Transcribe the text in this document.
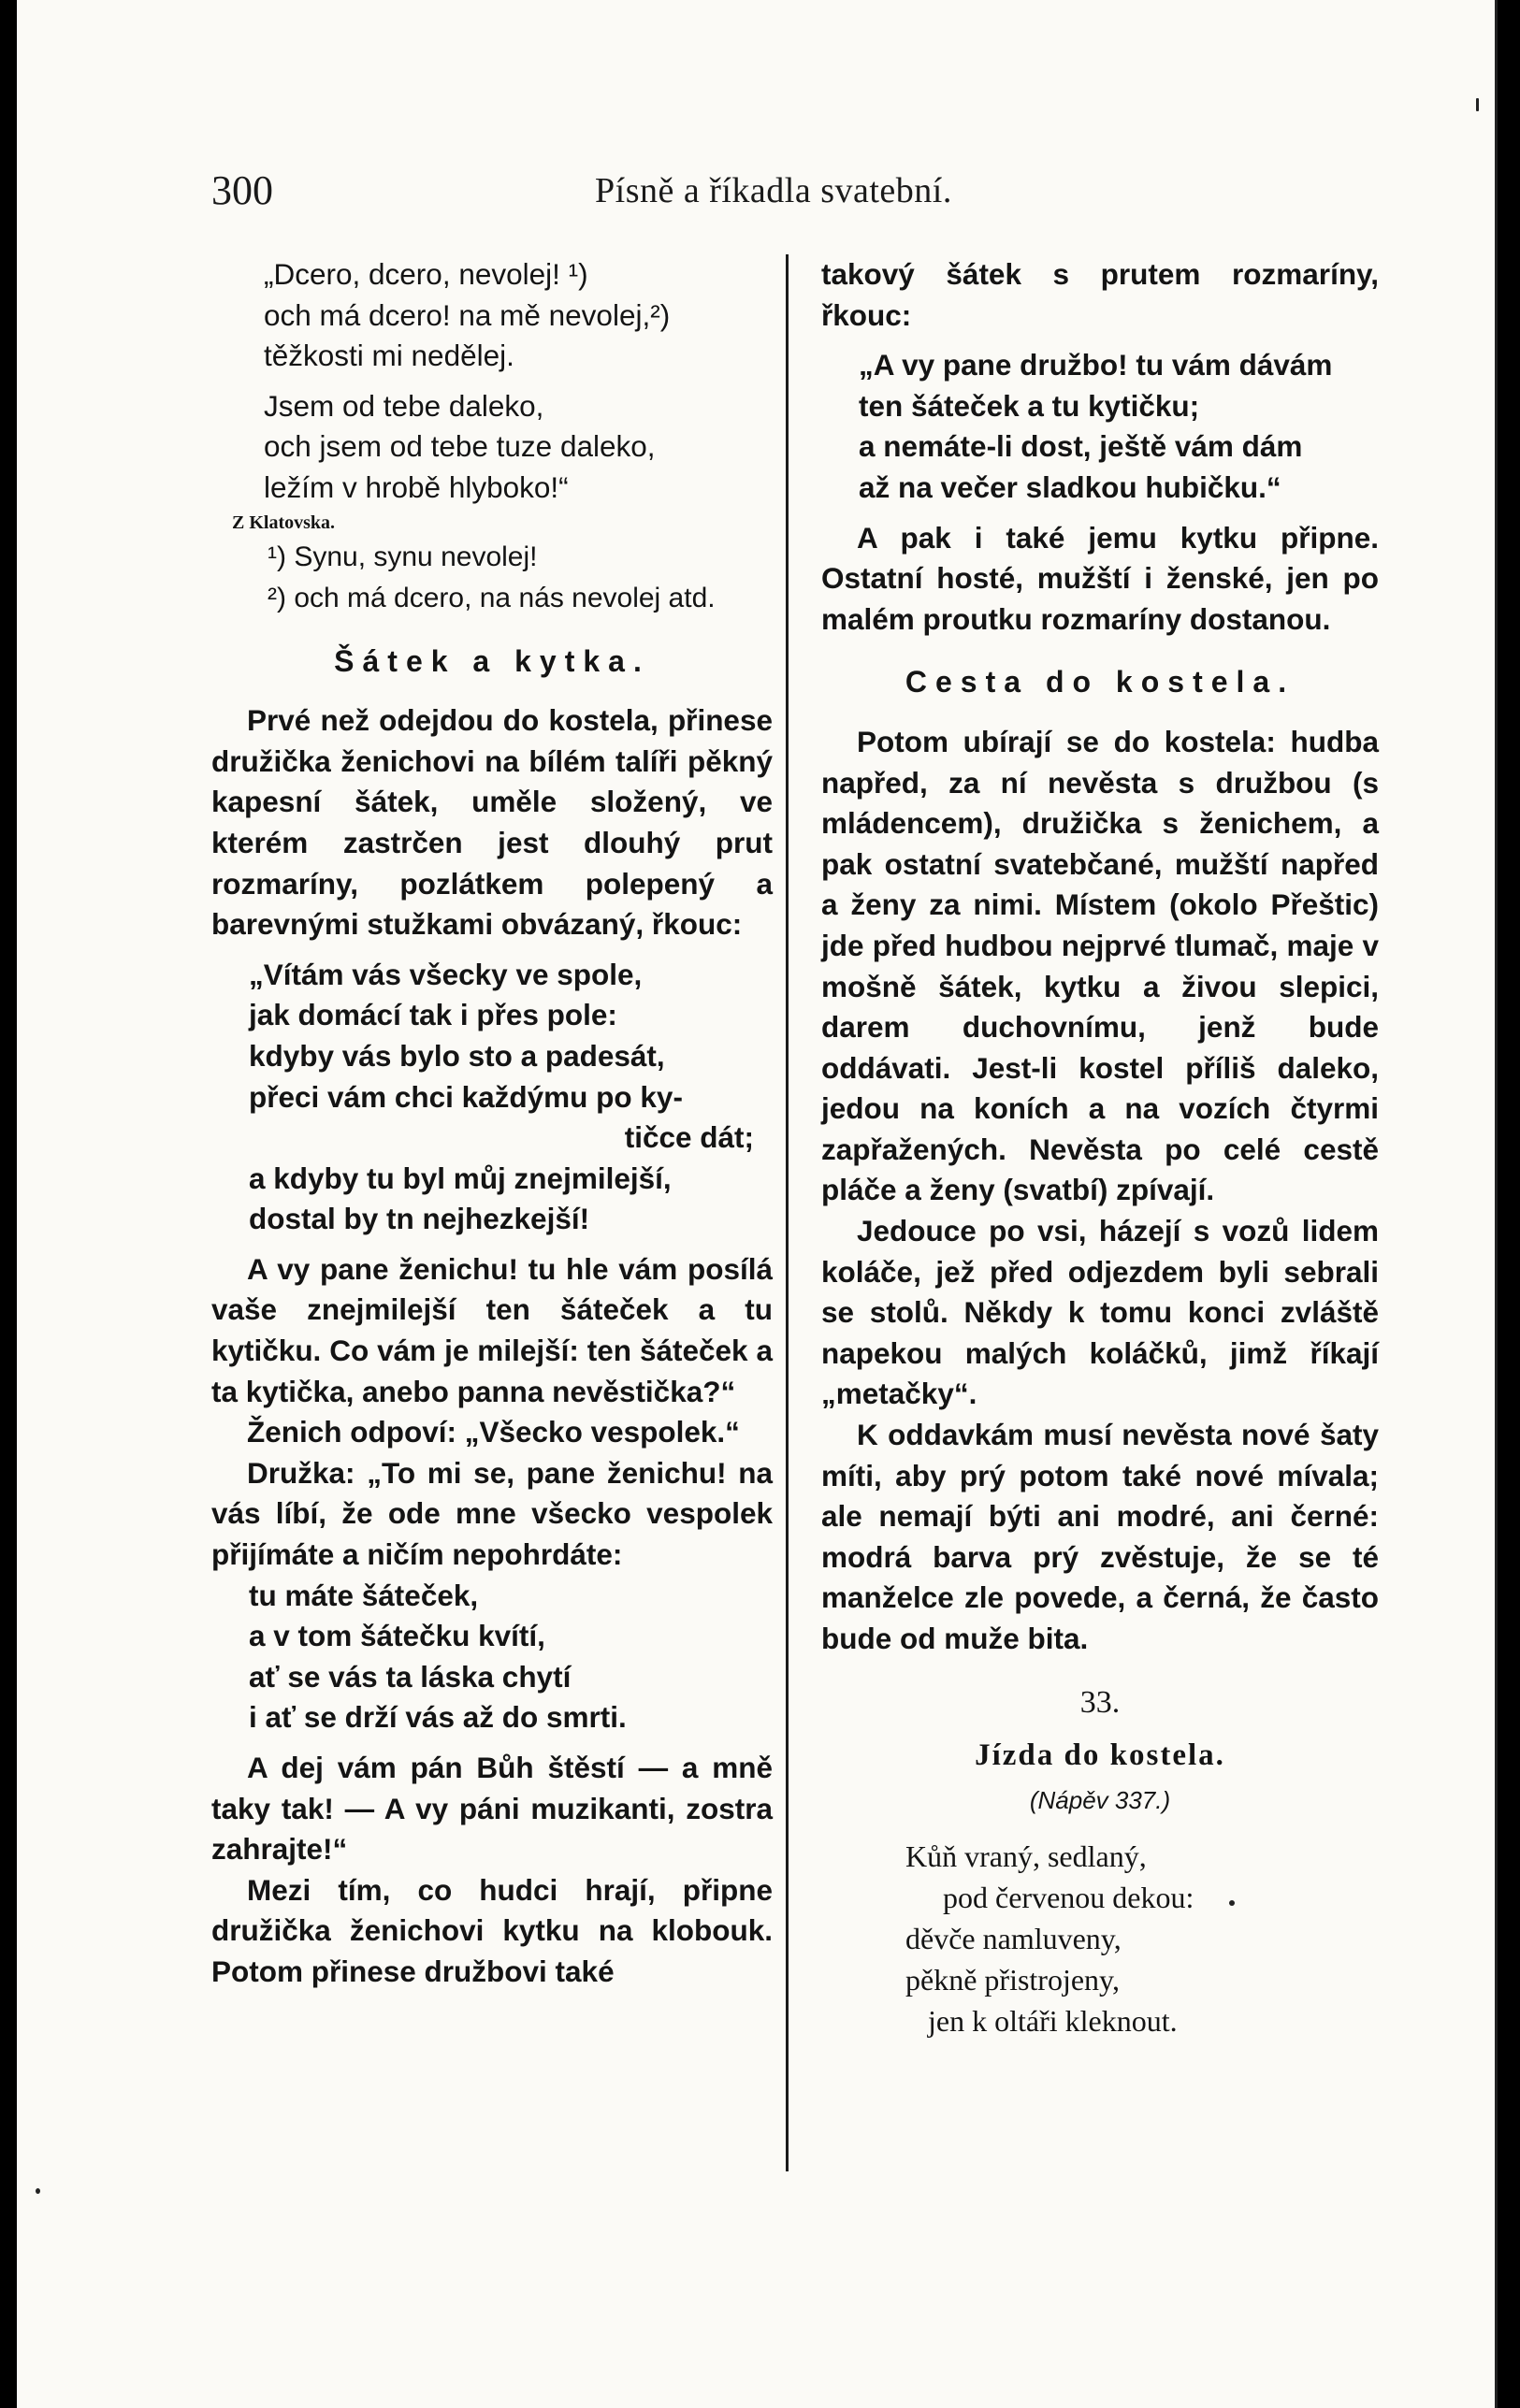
300	Písně a říkadla svatební.
„Dcero, dcero, nevolej! ¹)
och má dcero! na mě nevolej,²)
těžkosti mi nedělej.
Jsem od tebe daleko,
och jsem od tebe tuze daleko,
ležím v hrobě hlyboko!“

Z Klatovska.

¹) Synu, synu nevolej!

²) och má dcero, na nás nevolej atd.

Šátek a kytka.

Prvé než odejdou do kostela, přinese družička ženichovi na bílém talíři pěkný kapesní šátek, uměle složený, ve kterém zastrčen jest dlouhý prut rozmaríny, pozlátkem polepený a barevnými stužkami obvázaný, řkouc:

„Vítám vás všecky ve spole,
jak domácí tak i přes pole:
kdyby vás bylo sto a padesát,
přeci vám chci každýmu po ky-
tičce dát;
a kdyby tu byl můj znejmilejší,
dostal by tn nejhezkejší!

A vy pane ženichu! tu hle vám posílá vaše znejmilejší ten šáteček a tu kytičku. Co vám je milejší: ten šáteček a ta kytička, anebo panna nevěstička?“

Ženich odpoví: „Všecko vespolek.“

Družka: „To mi se, pane ženichu! na vás líbí, že ode mne všecko vespolek přijímáte a ničím nepohrdáte:

tu máte šáteček,
a v tom šátečku kvítí,
ať se vás ta láska chytí
i ať se drží vás až do smrti.

A dej vám pán Bůh štěstí — a mně taky tak! — A vy páni muzikanti, zostra zahrajte!“

Mezi tím, co hudci hrají, připne družička ženichovi kytku na klobouk. Potom přinese družbovi také

takový šátek s prutem rozmaríny, řkouc:

„A vy pane družbo! tu vám dávám
ten šáteček a tu kytičku;
a nemáte-li dost, ještě vám dám
až na večer sladkou hubičku.“

A pak i také jemu kytku připne. Ostatní hosté, mužští i ženské, jen po malém proutku rozmaríny dostanou.

Cesta do kostela.

Potom ubírají se do kostela: hudba napřed, za ní nevěsta s družbou (s mládencem), družička s ženichem, a pak ostatní svatebčané, mužští napřed a ženy za nimi. Místem (okolo Přeštic) jde před hudbou nejprvé tlumač, maje v mošně šátek, kytku a živou slepici, darem duchovnímu, jenž bude oddávati. Jest-li kostel příliš daleko, jedou na koních a na vozích čtyrmi zapřažených. Nevěsta po celé cestě pláče a ženy (svatbí) zpívají.

Jedouce po vsi, házejí s vozů lidem koláče, jež před odjezdem byli sebrali se stolů. Někdy k tomu konci zvláště napekou malých koláčků, jimž říkají „metačky“.

K oddavkám musí nevěsta nové šaty míti, aby prý potom také nové mívala; ale nemají býti ani modré, ani černé: modrá barva prý zvěstuje, že se té manželce zle povede, a černá, že často bude od muže bita.

33.
Jízda do kostela.
(Nápěv 337.)
Kůň vraný, sedlaný,
pod červenou dekou:
děvče namluveny,
pěkně přistrojeny,
jen k oltáři kleknout.
